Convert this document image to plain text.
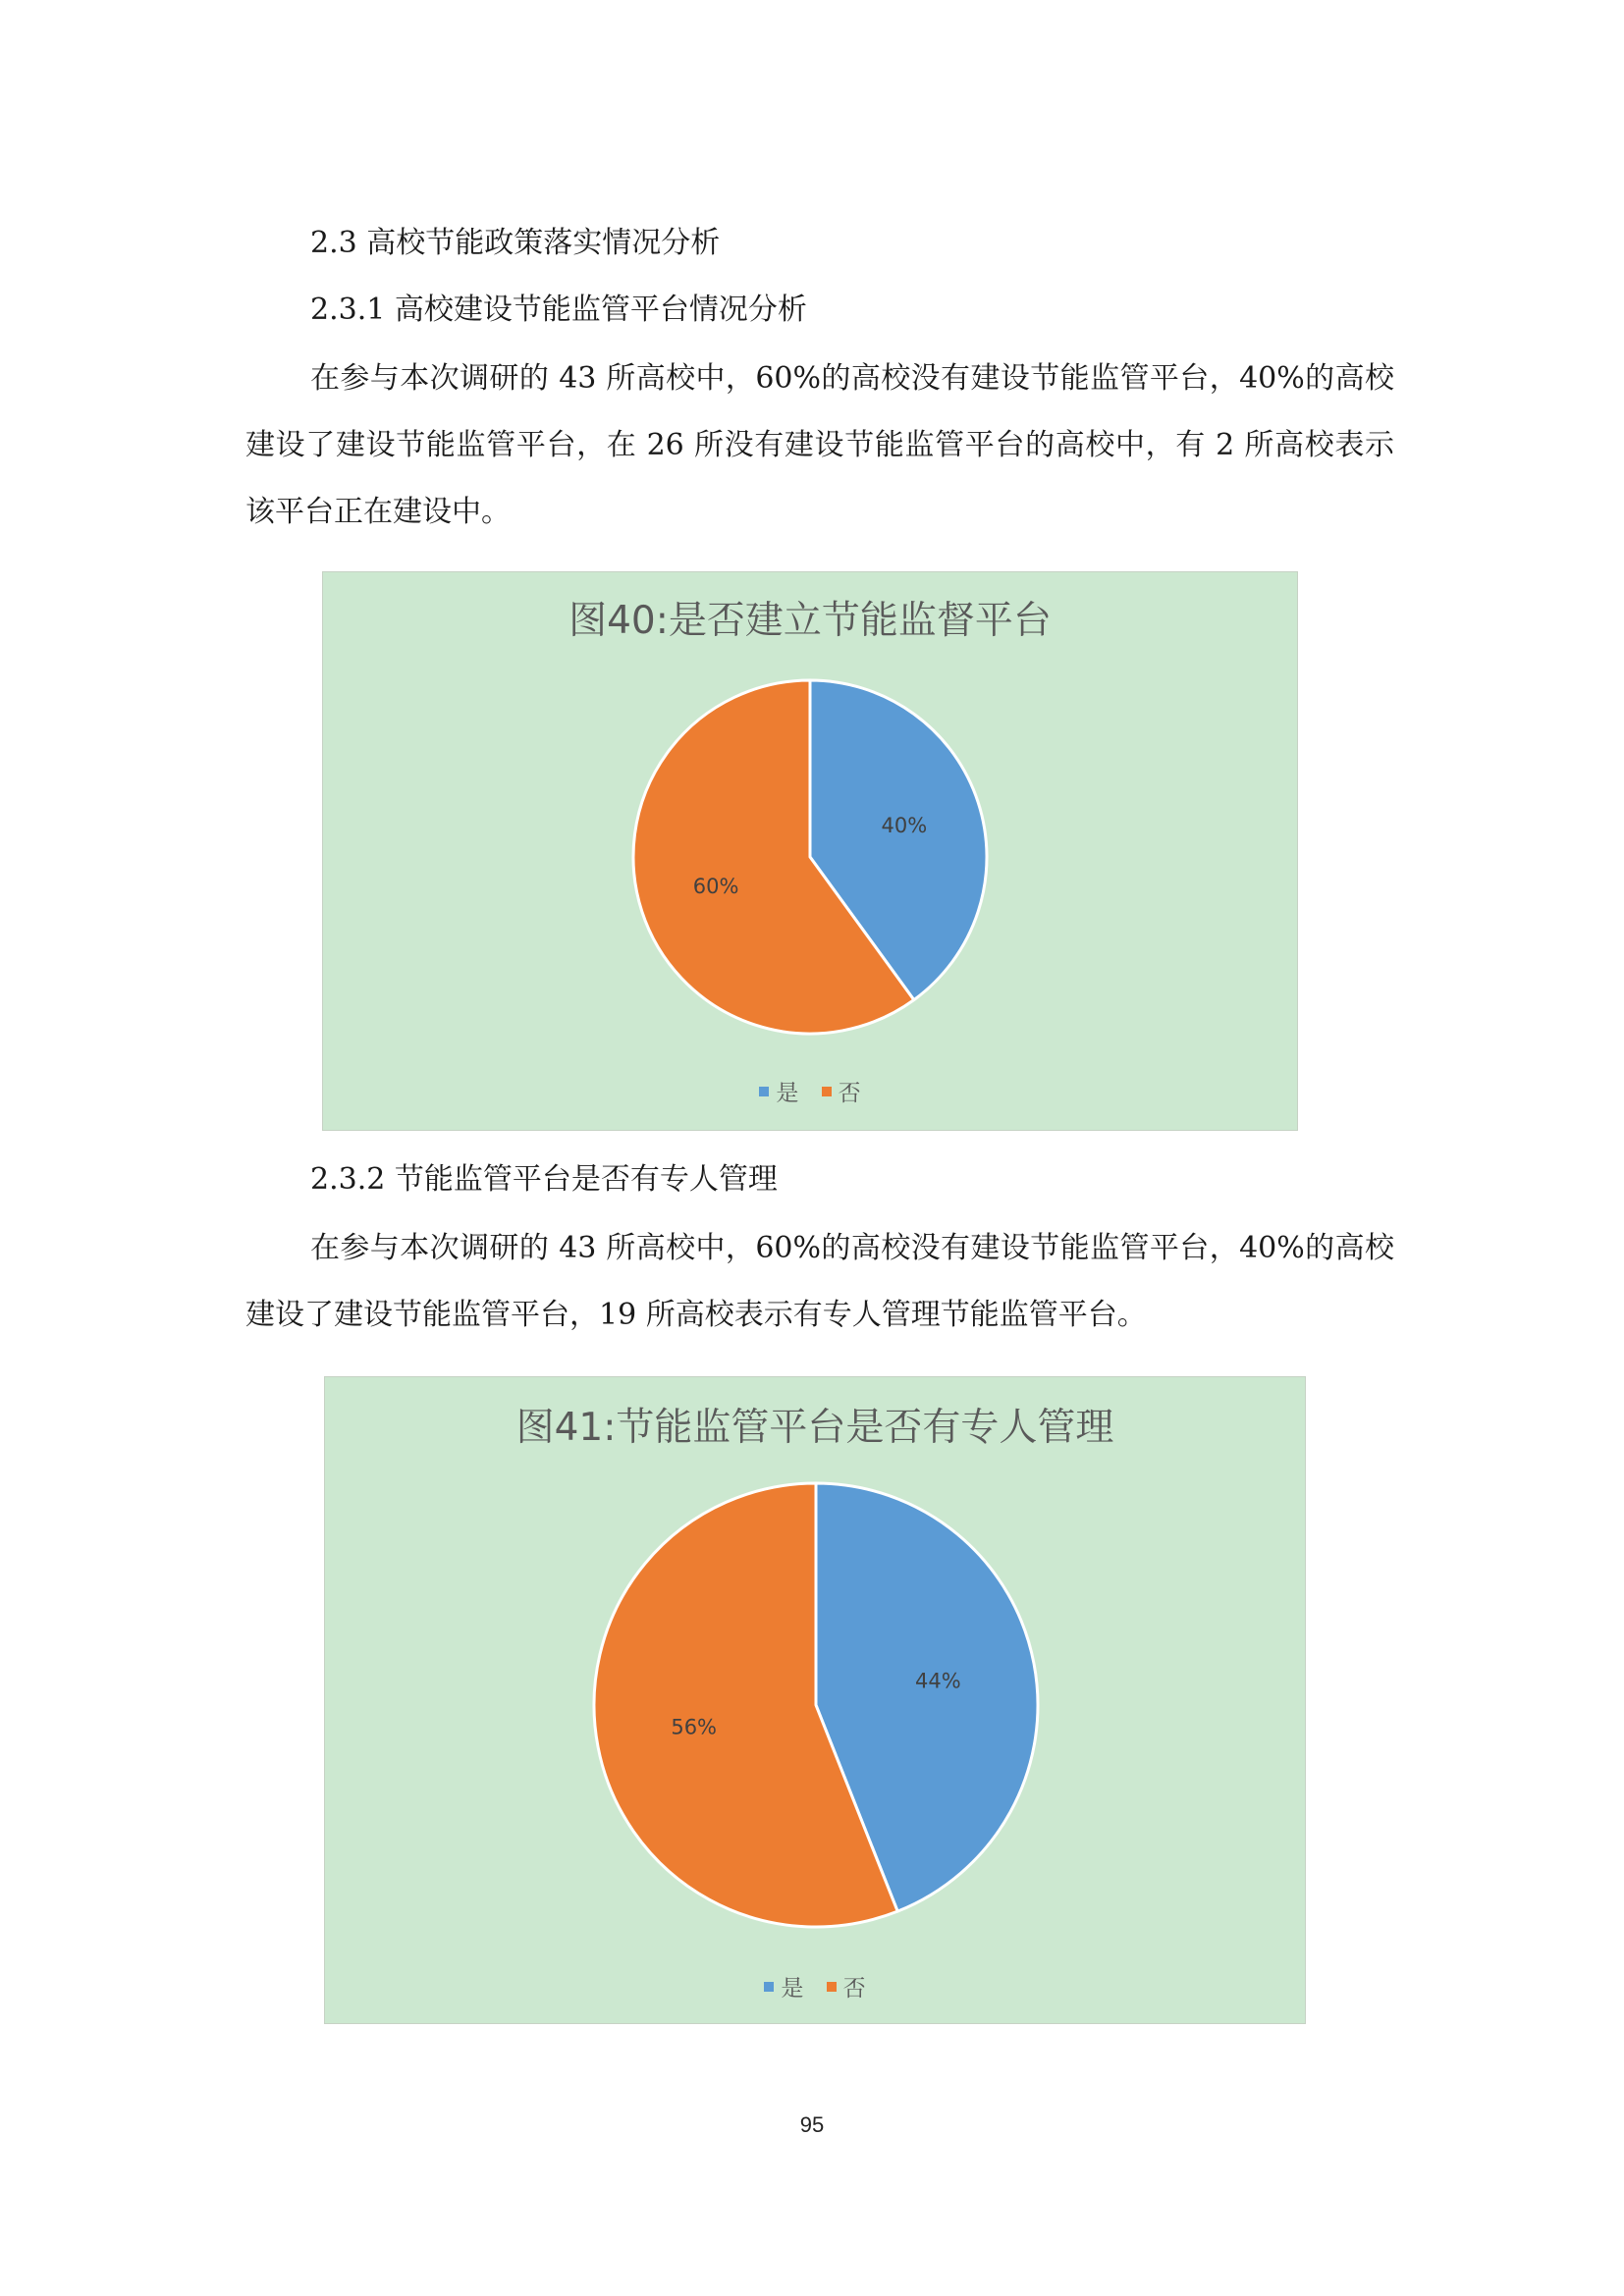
2.3 高校节能政策落实情况分析

2.3.1 高校建设节能监管平台情况分析

在参与本次调研的 43 所高校中，60%的高校没有建设节能监管平台，40%的高校建设了建设节能监管平台，在 26 所没有建设节能监管平台的高校中，有 2 所高校表示该平台正在建设中。

图40:是否建立节能监督平台
40%
60%
是
否

2.3.2 节能监管平台是否有专人管理

在参与本次调研的 43 所高校中，60%的高校没有建设节能监管平台，40%的高校建设了建设节能监管平台，19 所高校表示有专人管理节能监管平台。

图41:节能监管平台是否有专人管理
44%
56%
是
否
95
